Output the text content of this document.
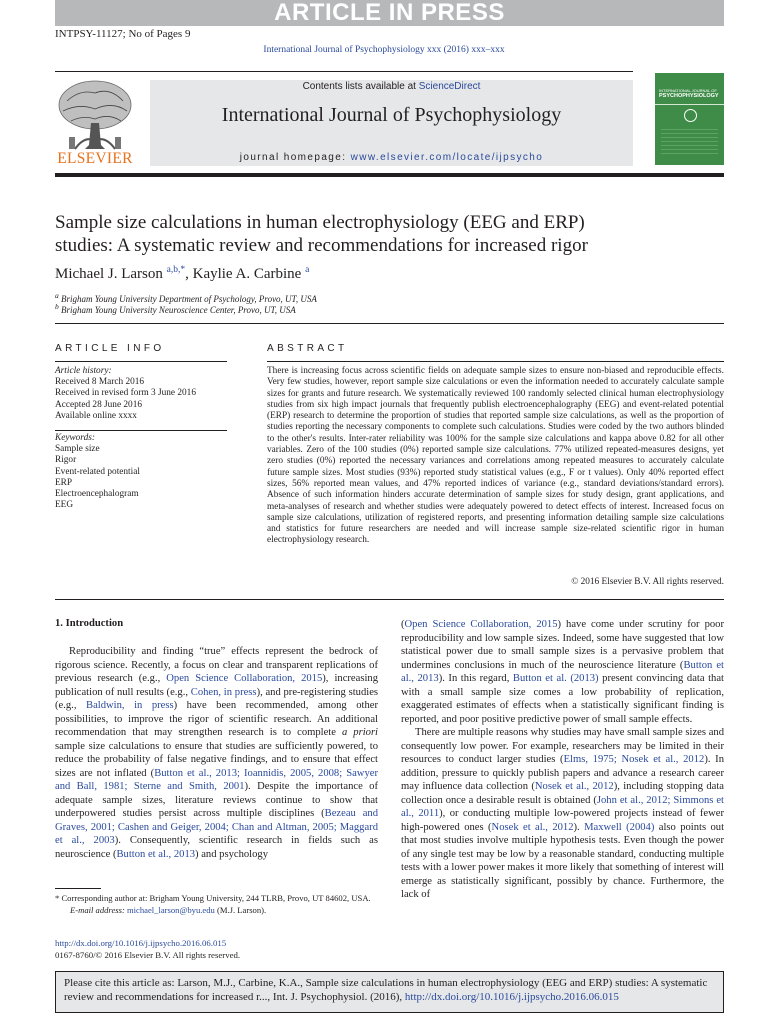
ARTICLE IN PRESS
INTPSY-11127; No of Pages 9
International Journal of Psychophysiology xxx (2016) xxx–xxx
ELSEVIER
Contents lists available at ScienceDirect
International Journal of Psychophysiology
journal homepage: www.elsevier.com/locate/ijpsycho
INTERNATIONAL JOURNAL OF
PSYCHOPHYSIOLOGY
Sample size calculations in human electrophysiology (EEG and ERP)
studies: A systematic review and recommendations for increased rigor
Michael J. Larson $^{a,b,*}$, Kaylie A. Carbine $^a$
$^a$ Brigham Young University Department of Psychology, Provo, UT, USA
$^b$ Brigham Young University Neuroscience Center, Provo, UT, USA
ARTICLE INFO
Article history:
Received 8 March 2016
Received in revised form 3 June 2016
Accepted 28 June 2016
Available online xxxx
Keywords:
Sample size
Rigor
Event-related potential
ERP
Electroencephalogram
EEG
ABSTRACT
There is increasing focus across scientific fields on adequate sample sizes to ensure non-biased and reproducible effects. Very few studies, however, report sample size calculations or even the information needed to accurately calculate sample sizes for grants and future research. We systematically reviewed 100 randomly selected clinical human electrophysiology studies from six high impact journals that frequently publish electroencephalography (EEG) and event-related potential (ERP) research to determine the proportion of studies that reported sample size calculations, as well as the proportion of studies reporting the necessary components to complete such calculations. Studies were coded by the two authors blinded to the other's results. Inter-rater reliability was 100% for the sample size calculations and kappa above 0.82 for all other variables. Zero of the 100 studies (0%) reported sample size calculations. 77% utilized repeated-measures designs, yet zero studies (0%) reported the necessary variances and correlations among repeated measures to accurately calculate future sample sizes. Most studies (93%) reported study statistical values (e.g., F or t values). Only 40% reported effect sizes, 56% reported mean values, and 47% reported indices of variance (e.g., standard deviations/standard errors). Absence of such information hinders accurate determination of sample sizes for study design, grant applications, and meta-analyses of research and whether studies were adequately powered to detect effects of interest. Increased focus on sample size calculations, utilization of registered reports, and presenting information detailing sample size calculations and statistics for future researchers are needed and will increase sample size-related scientific rigor in human electrophysiology research.
© 2016 Elsevier B.V. All rights reserved.
1. Introduction

Reproducibility and finding “true” effects represent the bedrock of rigorous science. Recently, a focus on clear and transparent replications of previous research (e.g., Open Science Collaboration, 2015), increasing publication of null results (e.g., Cohen, in press), and pre-registering studies (e.g., Baldwin, in press) have been recommended, among other possibilities, to improve the rigor of scientific research. An additional recommendation that may strengthen research is to complete a priori sample size calculations to ensure that studies are sufficiently powered, to reduce the probability of false negative findings, and to ensure that effect sizes are not inflated (Button et al., 2013; Ioannidis, 2005, 2008; Sawyer and Ball, 1981; Sterne and Smith, 2001). Despite the importance of adequate sample sizes, literature reviews continue to show that underpowered studies persist across multiple disciplines (Bezeau and Graves, 2001; Cashen and Geiger, 2004; Chan and Altman, 2005; Maggard et al., 2003). Consequently, scientific research in fields such as neuroscience (Button et al., 2013) and psychology

(Open Science Collaboration, 2015) have come under scrutiny for poor reproducibility and low sample sizes. Indeed, some have suggested that low statistical power due to small sample sizes is a pervasive problem that undermines conclusions in much of the neuroscience literature (Button et al., 2013). In this regard, Button et al. (2013) present convincing data that with a small sample size comes a low probability of replication, exaggerated estimates of effects when a statistically significant finding is reported, and poor positive predictive power of small sample effects.

There are multiple reasons why studies may have small sample sizes and consequently low power. For example, researchers may be limited in their resources to conduct larger studies (Elms, 1975; Nosek et al., 2012). In addition, pressure to quickly publish papers and advance a research career may influence data collection (Nosek et al., 2012), including stopping data collection once a desirable result is obtained (John et al., 2012; Simmons et al., 2011), or conducting multiple low-powered projects instead of fewer high-powered ones (Nosek et al., 2012). Maxwell (2004) also points out that most studies involve multiple hypothesis tests. Even though the power of any single test may be low by a reasonable standard, conducting multiple tests with a lower power makes it more likely that something of interest will emerge as statistically significant, possibly by chance. Furthermore, the lack of

* Corresponding author at: Brigham Young University, 244 TLRB, Provo, UT 84602, USA.
E-mail address: michael_larson@byu.edu (M.J. Larson).
http://dx.doi.org/10.1016/j.ijpsycho.2016.06.015
0167-8760/© 2016 Elsevier B.V. All rights reserved.
Please cite this article as: Larson, M.J., Carbine, K.A., Sample size calculations in human electrophysiology (EEG and ERP) studies: A systematic review and recommendations for increased r..., Int. J. Psychophysiol. (2016), http://dx.doi.org/10.1016/j.ijpsycho.2016.06.015
